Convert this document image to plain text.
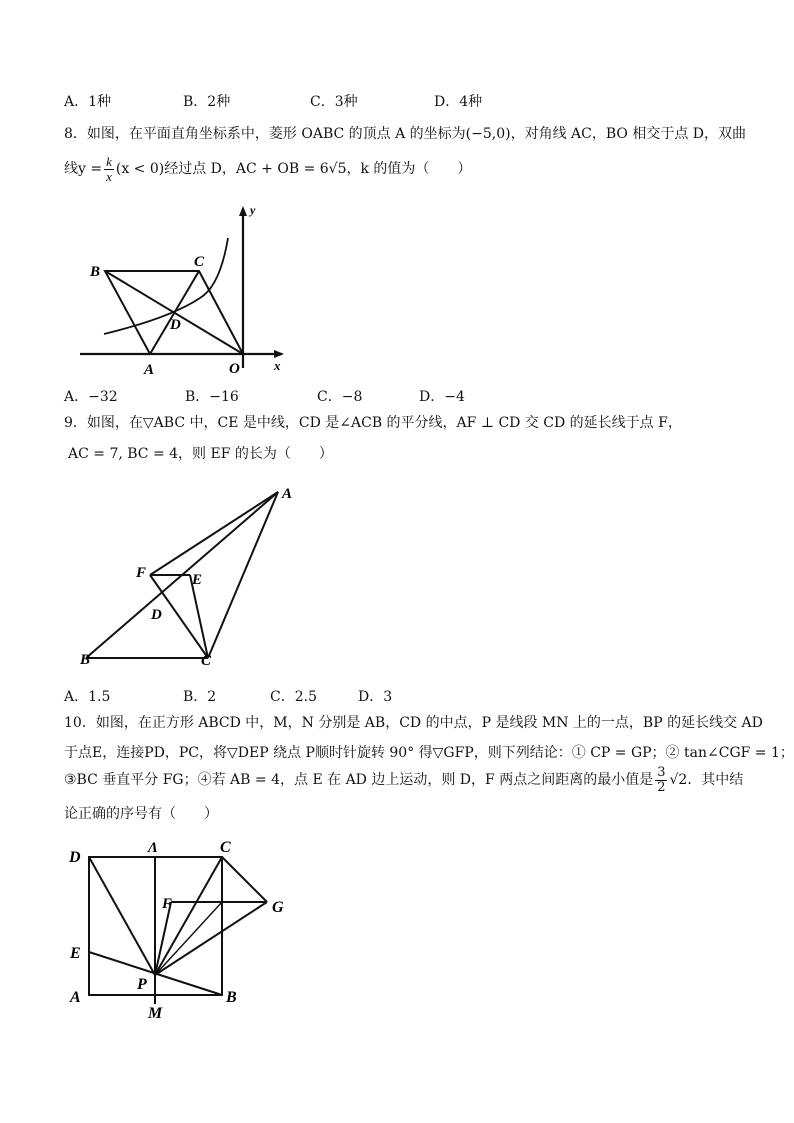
A．1种	B．2种	C．3种	D．4种
8．如图，在平面直角坐标系中，菱形 OABC 的顶点 A 的坐标为(−5,0)，对角线 AC，BO 相交于点 D，双曲
线$y = \frac{k}{x} (x < 0)$经过点 D，AC + OB = 6√5，k 的值为（　　）
B
C
D
A	O	x
y
A．−32	B．−16	C．−8	D．−4
9．如图，在▽ABC 中，CE 是中线，CD 是∠ACB 的平分线，AF ⊥ CD 交 CD 的延长线于点 F，
AC = 7, BC = 4，则 EF 的长为（　　）
A
F	E
D
B	C
A．1.5	B．2	C．2.5	D．3
10．如图，在正方形 ABCD 中，M，N 分别是 AB，CD 的中点，P 是线段 MN 上的一点，BP 的延长线交 AD
于点E，连接PD，PC，将▽DEP 绕点 P顺时针旋转 90° 得▽GFP，则下列结论：① CP = GP；② tan∠CGF = 1；
③BC 垂直平分 FG；④若 AB = 4，点 E 在 AD 边上运动，则 D，F 两点之间距离的最小值是 $\frac{3}{2} √2$．其中结
论正确的序号有（　　）
D
Λ	C
F	G
E
P
A
M
B
